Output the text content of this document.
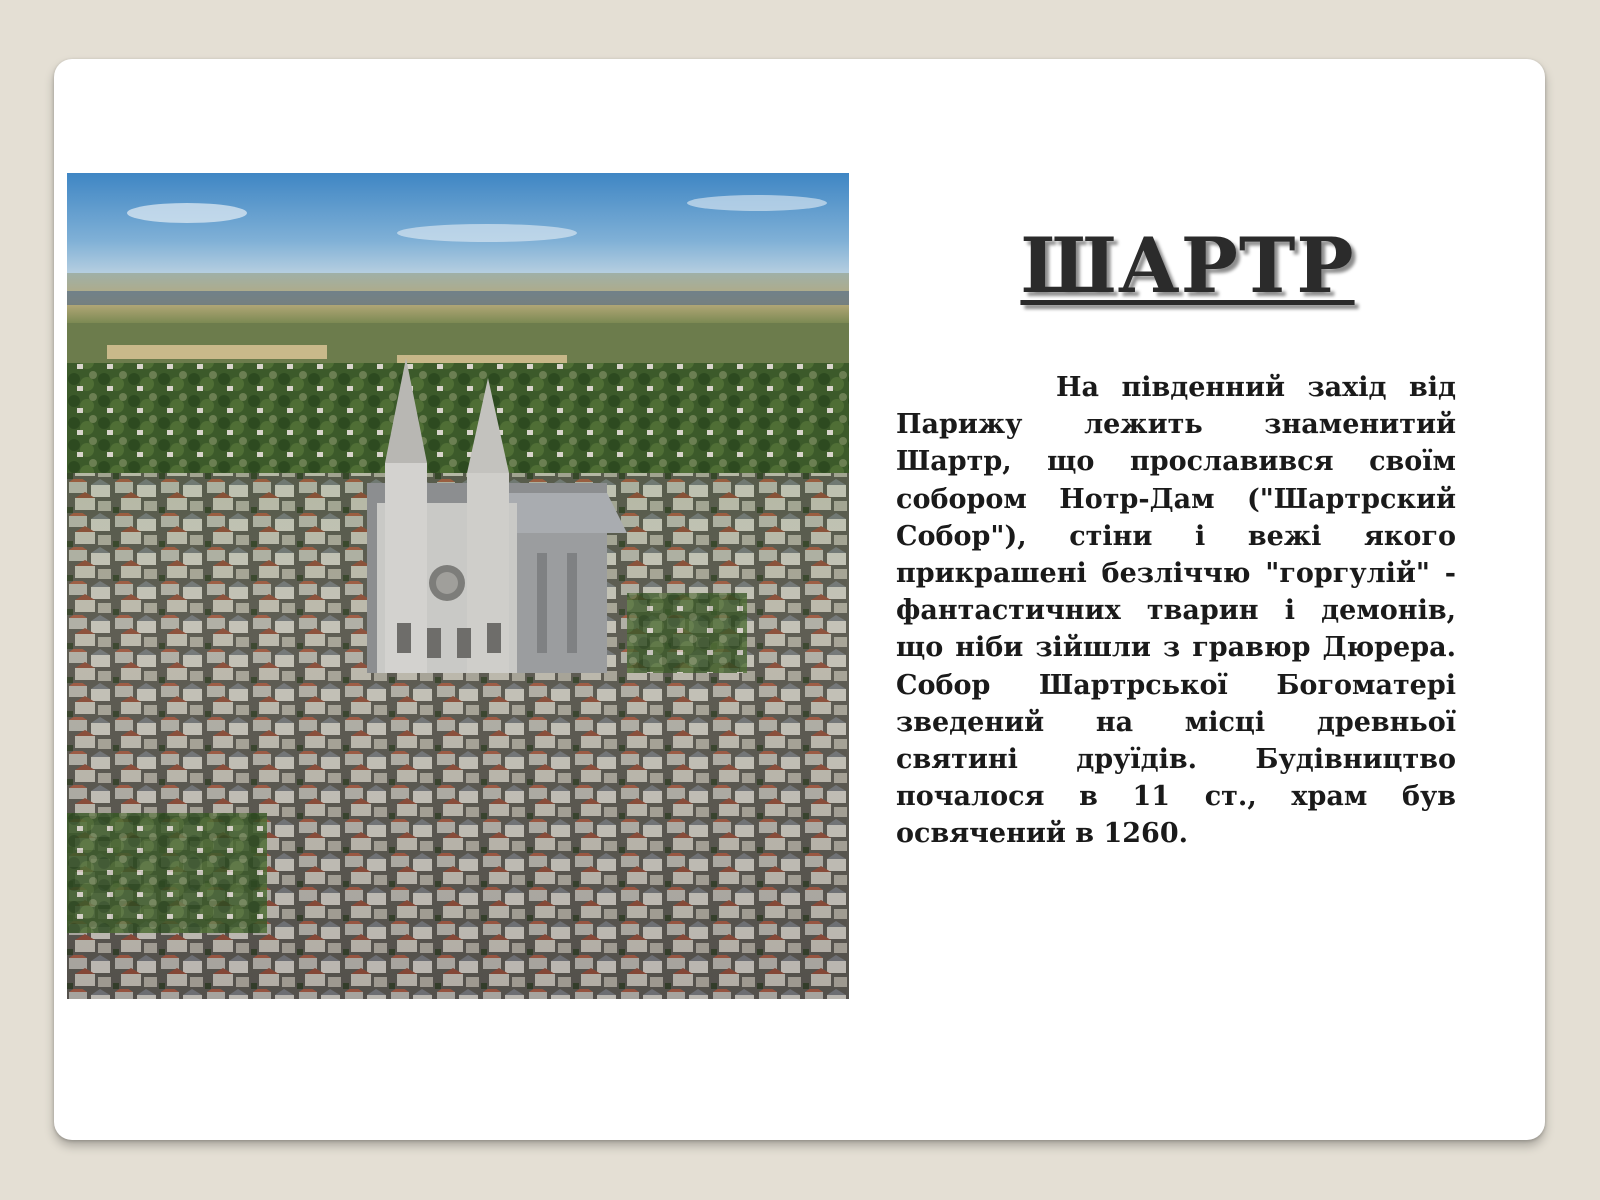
ШАРТР

На південний захід від Парижу лежить знаменитий Шартр, що прославився своїм собором Нотр-Дам ("Шартрский Собор"), стіни і вежі якого прикрашені безліччю "горгулій" - фантастичних тварин і демонів, що ніби зійшли з гравюр Дюрера. Собор Шартрської Богоматері зведений на місці древньої святині друїдів. Будівництво почалося в 11 ст., храм був освячений в 1260.
